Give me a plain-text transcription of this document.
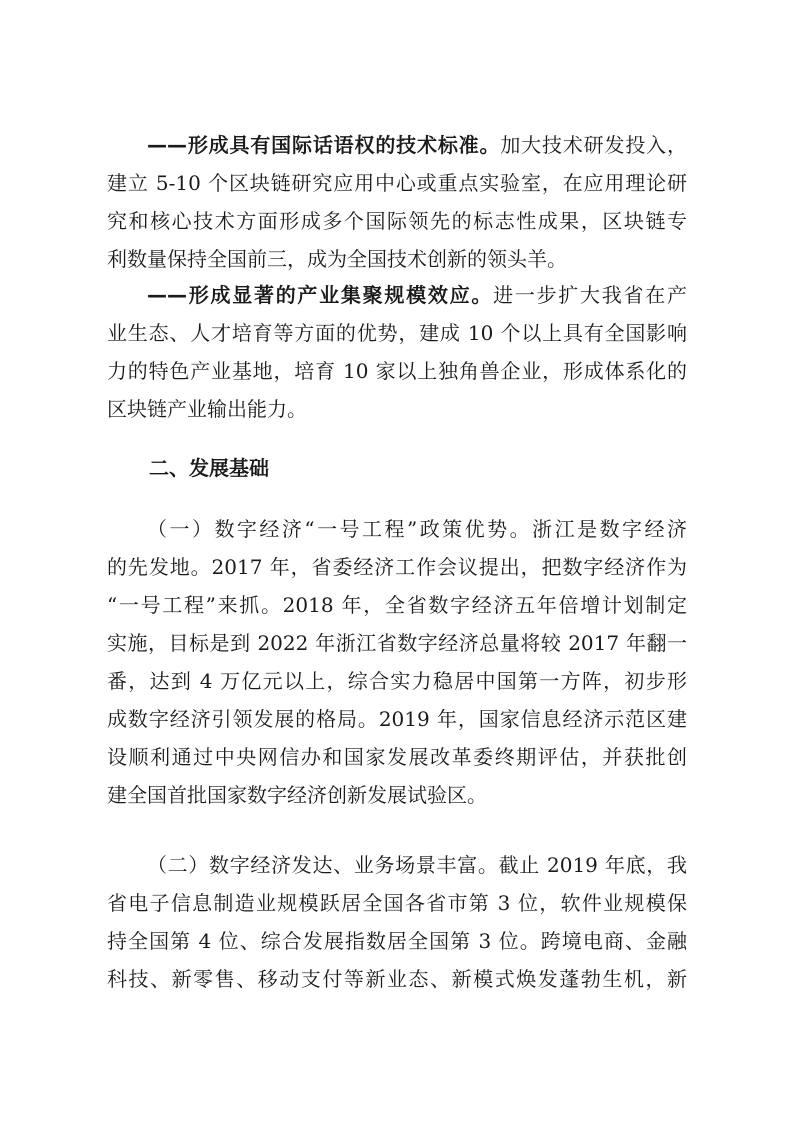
——形成具有国际话语权的技术标准。加大技术研发投入，
建立 5-10 个区块链研究应用中心或重点实验室，在应用理论研
究和核心技术方面形成多个国际领先的标志性成果，区块链专
利数量保持全国前三，成为全国技术创新的领头羊。
——形成显著的产业集聚规模效应。进一步扩大我省在产
业生态、人才培育等方面的优势，建成 10 个以上具有全国影响
力的特色产业基地，培育 10 家以上独角兽企业，形成体系化的
区块链产业输出能力。
二、发展基础
（一）数字经济“一号工程”政策优势。浙江是数字经济
的先发地。2017 年，省委经济工作会议提出，把数字经济作为
“一号工程”来抓。2018 年，全省数字经济五年倍增计划制定
实施，目标是到 2022 年浙江省数字经济总量将较 2017 年翻一
番，达到 4 万亿元以上，综合实力稳居中国第一方阵，初步形
成数字经济引领发展的格局。2019 年，国家信息经济示范区建
设顺利通过中央网信办和国家发展改革委终期评估，并获批创
建全国首批国家数字经济创新发展试验区。
（二）数字经济发达、业务场景丰富。截止 2019 年底，我
省电子信息制造业规模跃居全国各省市第 3 位，软件业规模保
持全国第 4 位、综合发展指数居全国第 3 位。跨境电商、金融
科技、新零售、移动支付等新业态、新模式焕发蓬勃生机，新
